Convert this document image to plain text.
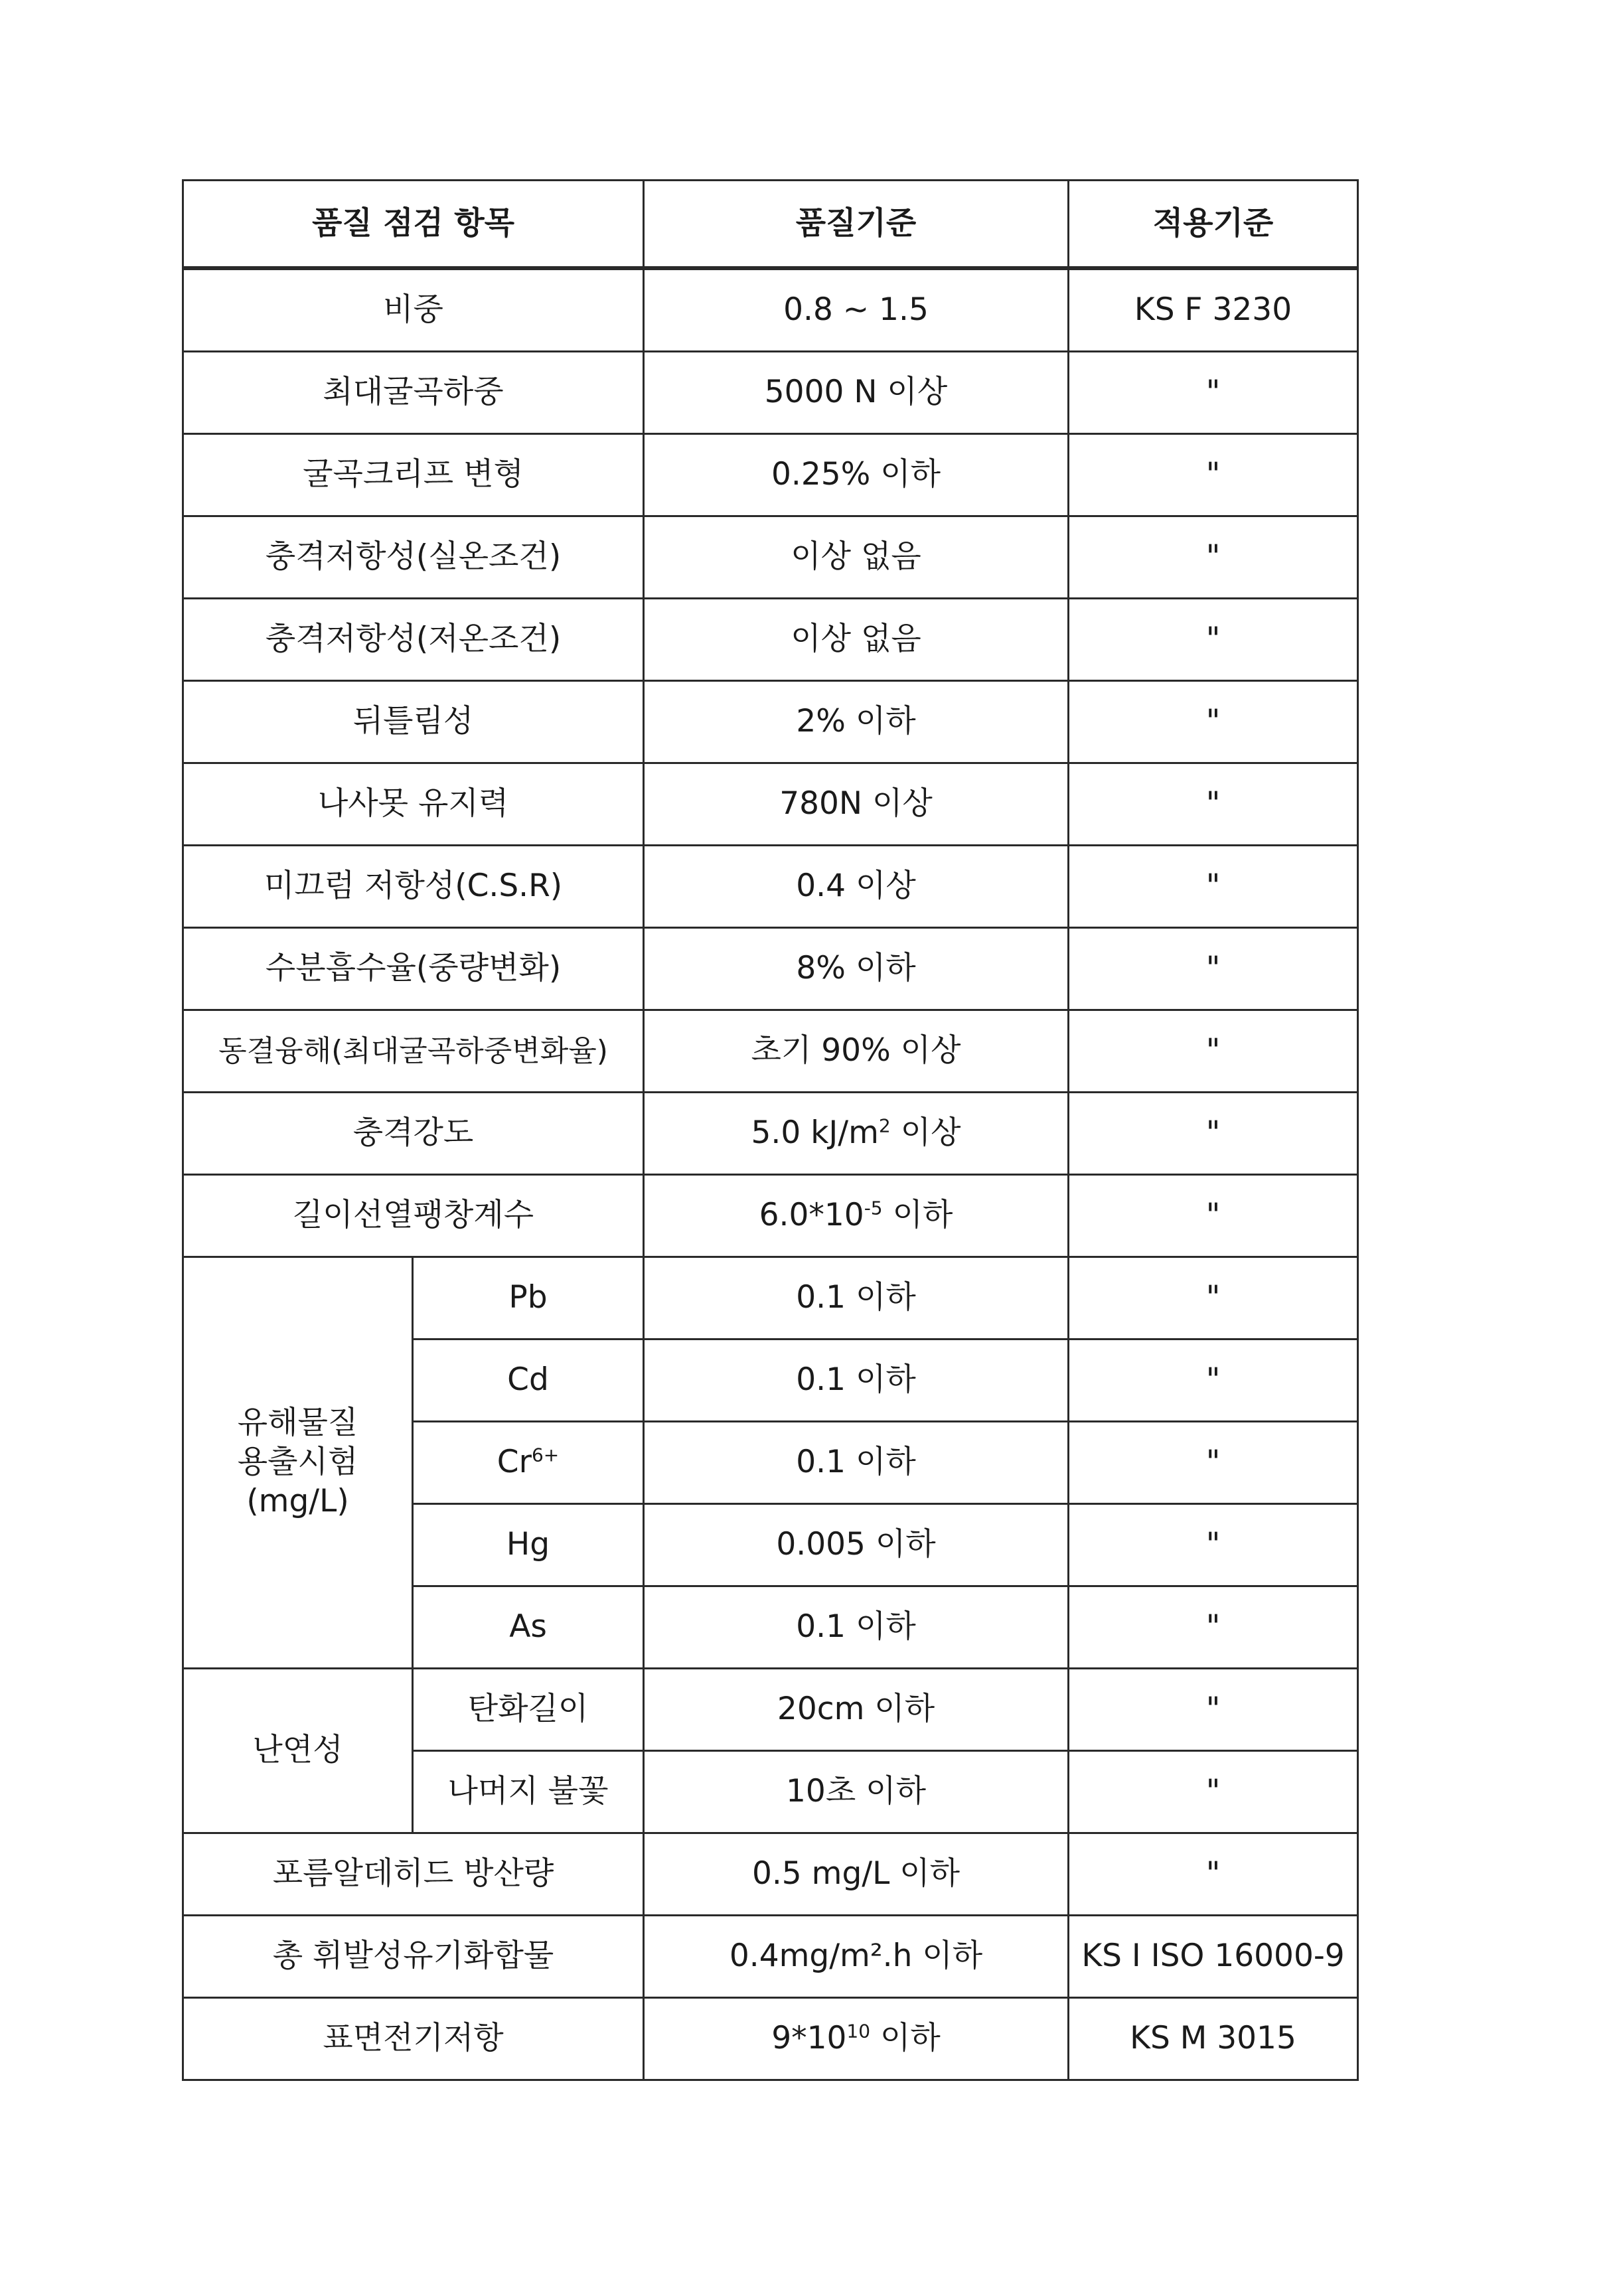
품질 점검 항목		품질기준	적용기준
비중		0.8 ~ 1.5	KS F 3230
최대굴곡하중		5000 N 이상	"
굴곡크리프 변형		0.25% 이하	"
충격저항성(실온조건)		이상 없음	"
충격저항성(저온조건)		이상 없음	"
뒤틀림성		2% 이하	"
나사못 유지력		780N 이상	"
미끄럼 저항성(C.S.R)		0.4 이상	"
수분흡수율(중량변화)		8% 이하	"
동결융해(최대굴곡하중변화율)		초기 90% 이상	"
충격강도		5.0 $kJ/m^2$ 이상	"
길이선열팽창계수		$6.0*10^{-5}$ 이하	"

유해물질
용출시험
(mg/L)	Pb	0.1 이하	"
	Cd	0.1 이하	"
	$Cr^{6+}$	0.1 이하	"
	Hg	0.005 이하	"
	As	0.1 이하	"
난연성	탄화길이	20cm 이하	"
	나머지 불꽃	10초 이하	"
포름알데히드 방산량		0.5 mg/L 이하	"
총 휘발성유기화합물		0.4mg/m².h 이하	KS I ISO 16000-9
표면전기저항		$9*10^{10}$ 이하	KS M 3015
